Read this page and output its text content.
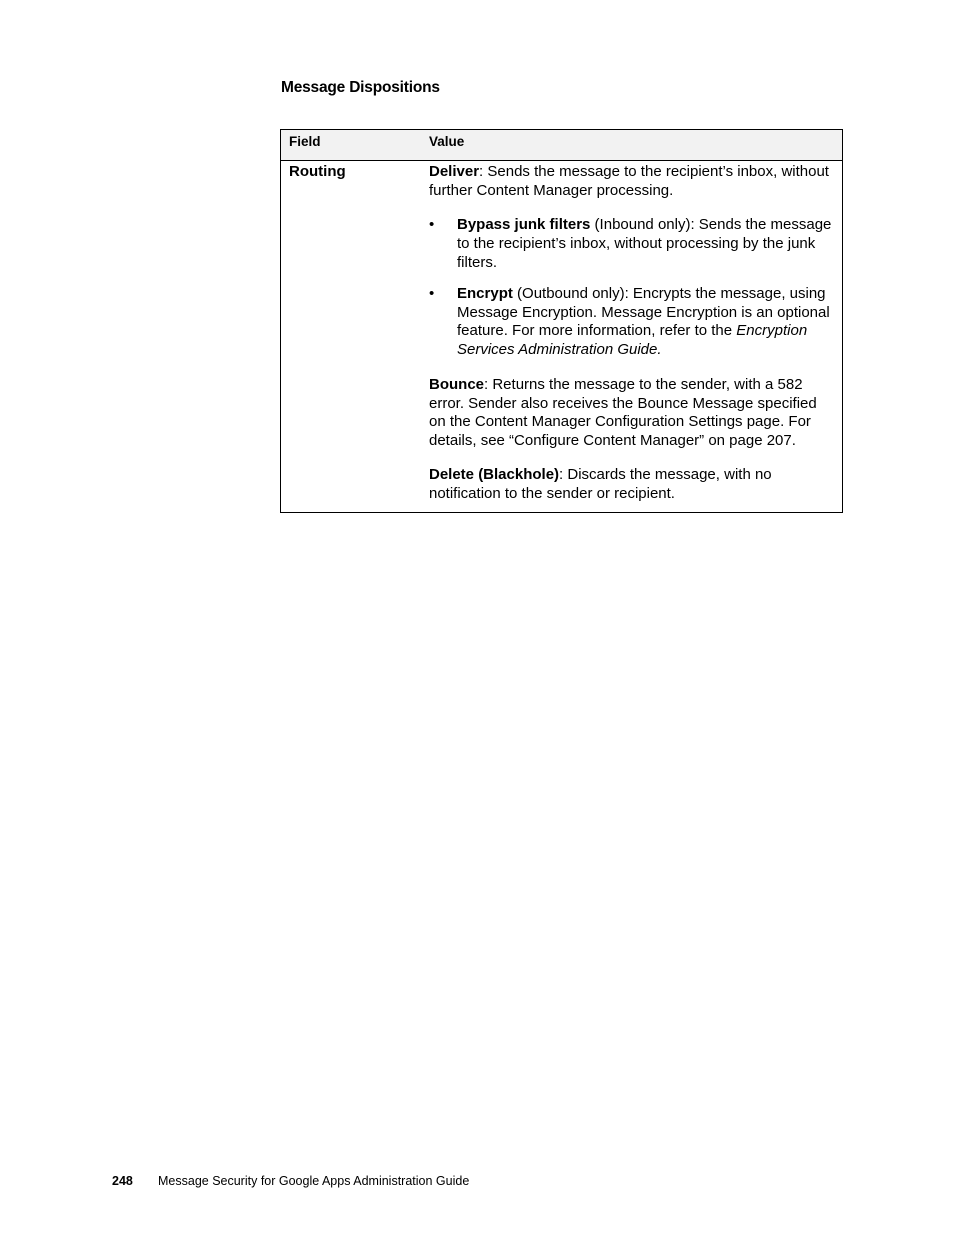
Message Dispositions
Field	Value
Routing	Deliver: Sends the message to the recipient’s inbox, without further Content Manager processing.

• Bypass junk filters (Inbound only): Sends the message to the recipient’s inbox, without processing by the junk filters.
• Encrypt (Outbound only): Encrypts the message, using Message Encryption. Message Encryption is an optional feature. For more information, refer to the Encryption Services Administration Guide.

Bounce: Returns the message to the sender, with a 582 error. Sender also receives the Bounce Message specified on the Content Manager Configuration Settings page. For details, see “Configure Content Manager” on page 207.

Delete (Blackhole): Discards the message, with no notification to the sender or recipient.

248 Message Security for Google Apps Administration Guide
